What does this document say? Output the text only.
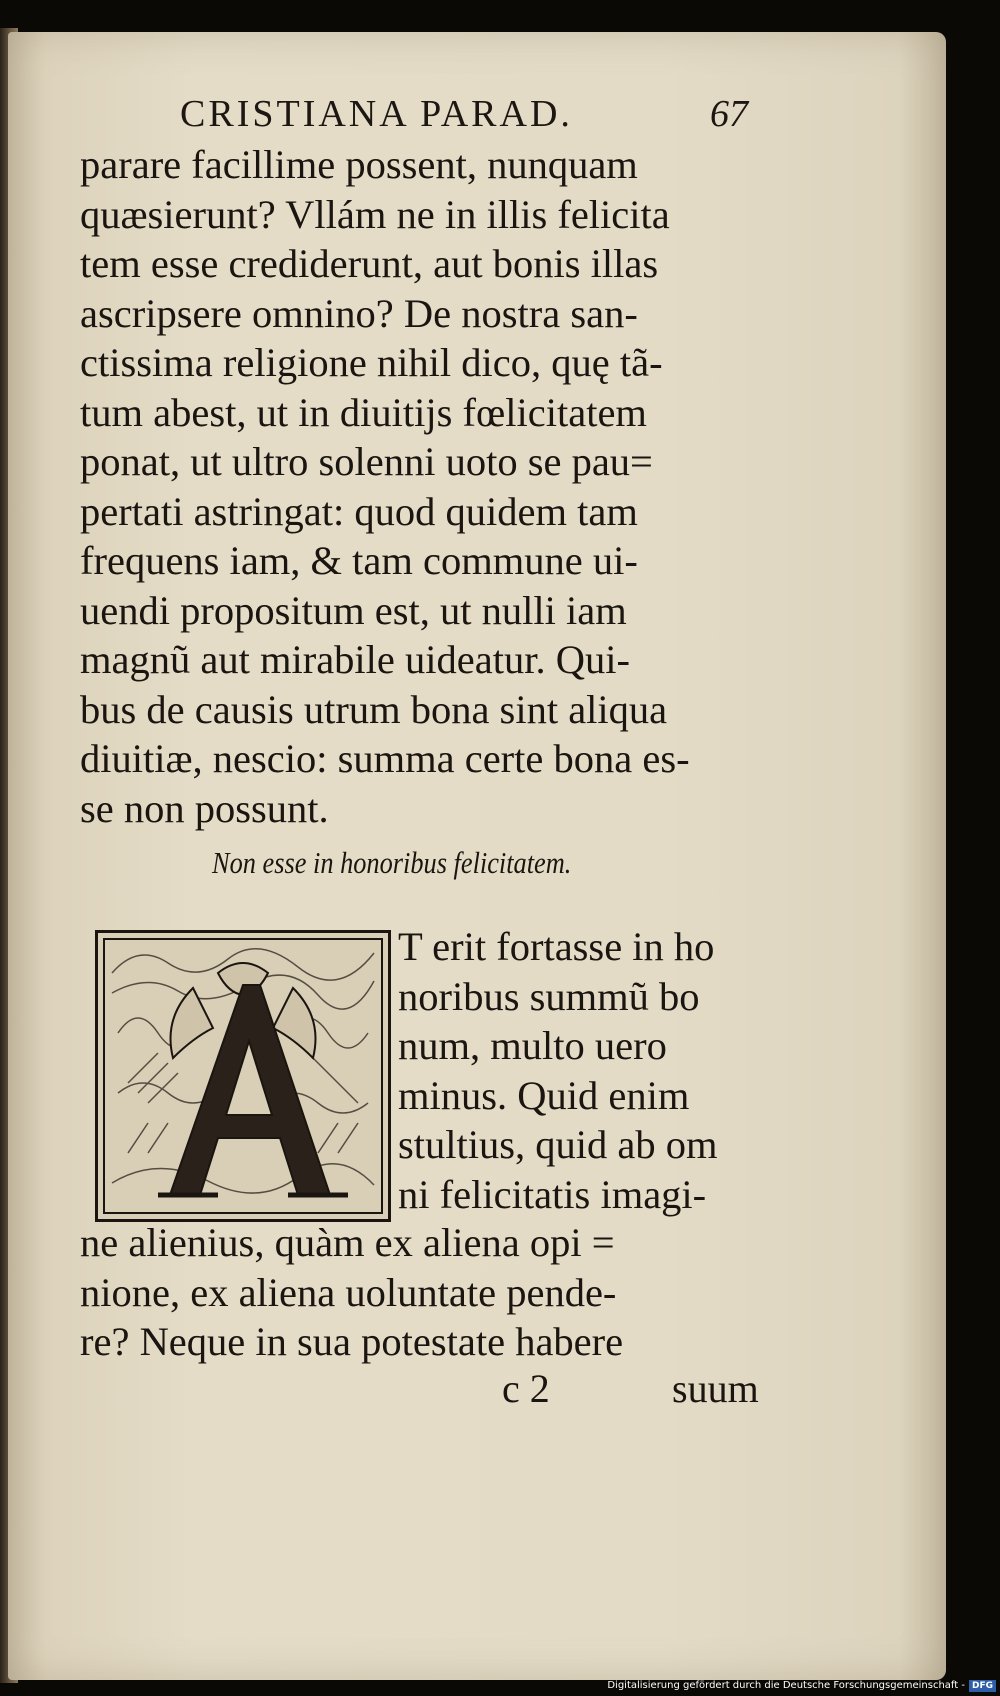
CRISTIANA PARAD.	67
parare facillime possent, nunquam
quæsierunt? Vllám ne in illis felicita
tem esse crediderunt, aut bonis illas
ascripsere omnino? De nostra san-
ctissima religione nihil dico, quę tã-
tum abest, ut in diuitijs fœlicitatem
ponat, ut ultro solenni uoto se pau=
pertati astringat: quod quidem tam
frequens iam, & tam commune ui-
uendi propositum est, ut nulli iam
magnũ aut mirabile uideatur. Qui-
bus de causis utrum bona sint aliqua
diuitiæ, nescio: summa certe bona es-
se non possunt.
Non esse in honoribus felicitatem.
T erit fortasse in ho
noribus summũ bo
num, multo uero
minus. Quid enim
stultius, quid ab om
ni felicitatis imagi-
ne alienius, quàm ex aliena opi =
nione, ex aliena uoluntate pende-
re? Neque in sua potestate habere
c 2	suum
Digitalisierung gefördert durch die Deutsche Forschungsgemeinschaft - DFG
